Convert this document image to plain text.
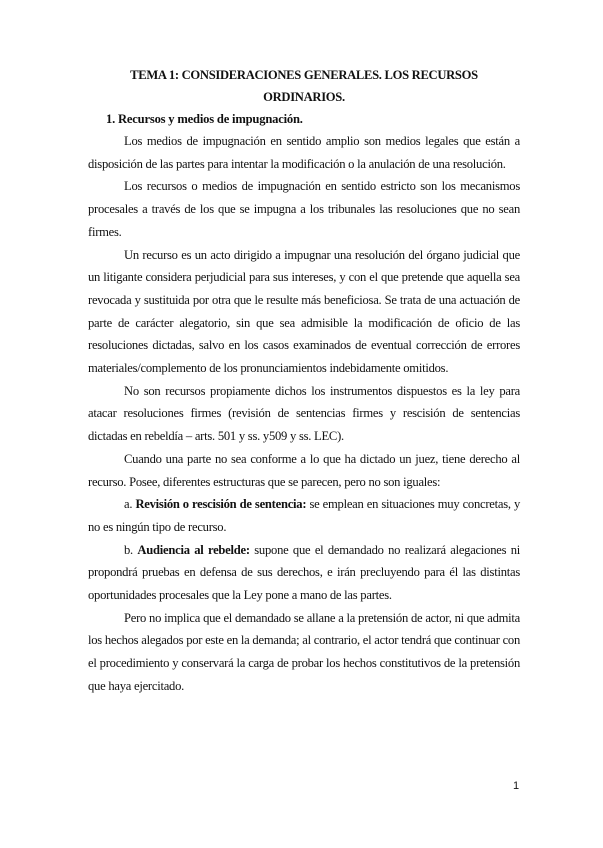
TEMA 1: CONSIDERACIONES GENERALES. LOS RECURSOS ORDINARIOS.

1. Recursos y medios de impugnación.

Los medios de impugnación en sentido amplio son medios legales que están a disposición de las partes para intentar la modificación o la anulación de una resolución.

Los recursos o medios de impugnación en sentido estricto son los mecanismos procesales a través de los que se impugna a los tribunales las resoluciones que no sean firmes.

Un recurso es un acto dirigido a impugnar una resolución del órgano judicial que un litigante considera perjudicial para sus intereses, y con el que pretende que aquella sea revocada y sustituida por otra que le resulte más beneficiosa. Se trata de una actuación de parte de carácter alegatorio, sin que sea admisible la modificación de oficio de las resoluciones dictadas, salvo en los casos examinados de eventual corrección de errores materiales/complemento de los pronunciamientos indebidamente omitidos.

No son recursos propiamente dichos los instrumentos dispuestos es la ley para atacar resoluciones firmes (revisión de sentencias firmes y rescisión de sentencias dictadas en rebeldía – arts. 501 y ss. y509 y ss. LEC).

Cuando una parte no sea conforme a lo que ha dictado un juez, tiene derecho al recurso. Posee, diferentes estructuras que se parecen, pero no son iguales:

a. Revisión o rescisión de sentencia: se emplean en situaciones muy concretas, y no es ningún tipo de recurso.

b. Audiencia al rebelde: supone que el demandado no realizará alegaciones ni propondrá pruebas en defensa de sus derechos, e irán precluyendo para él las distintas oportunidades procesales que la Ley pone a mano de las partes.

Pero no implica que el demandado se allane a la pretensión de actor, ni que admita los hechos alegados por este en la demanda; al contrario, el actor tendrá que continuar con el procedimiento y conservará la carga de probar los hechos constitutivos de la pretensión que haya ejercitado.

1
